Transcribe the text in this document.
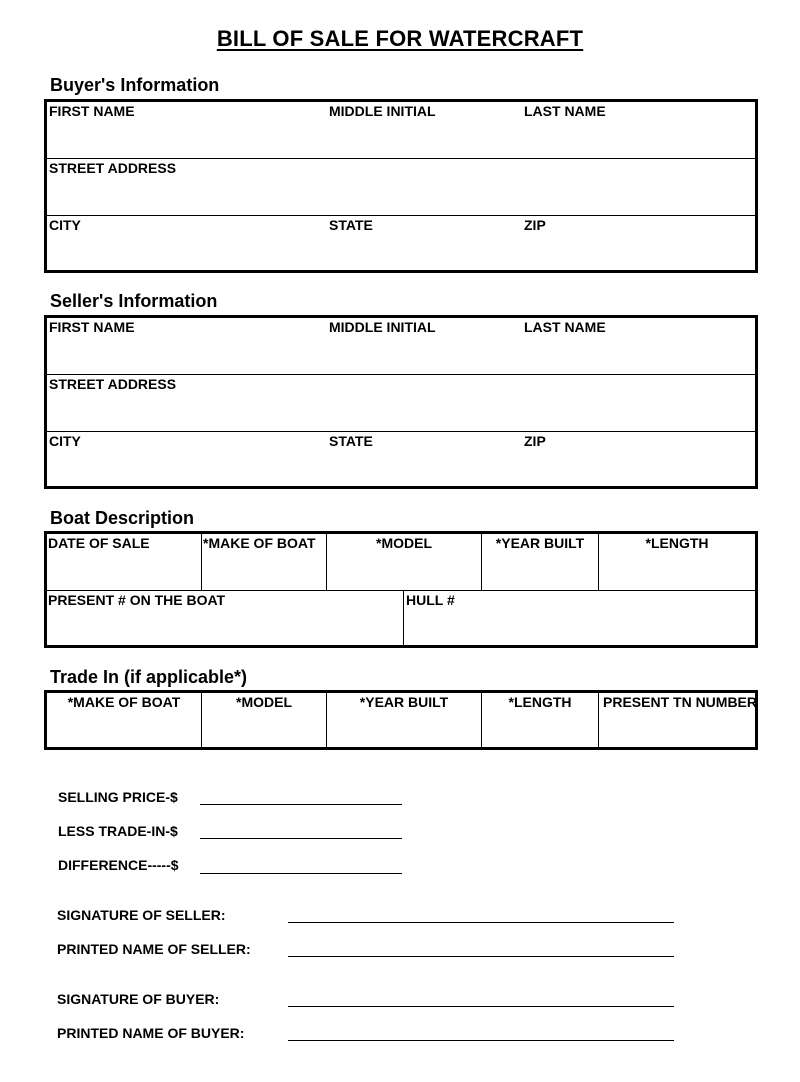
BILL OF SALE FOR WATERCRAFT
Buyer's Information
FIRST NAME	MIDDLE INITIAL	LAST NAME
STREET ADDRESS
CITY	STATE	ZIP
Seller's Information
FIRST NAME	MIDDLE INITIAL	LAST NAME
STREET ADDRESS
CITY	STATE	ZIP
Boat Description
DATE OF SALE	*MAKE OF BOAT	*MODEL	*YEAR BUILT	*LENGTH
PRESENT # ON THE BOAT	HULL #
Trade In (if applicable*)
*MAKE OF BOAT	*MODEL	*YEAR BUILT	*LENGTH	PRESENT TN NUMBER
SELLING PRICE-$
LESS TRADE-IN-$
DIFFERENCE-----$
SIGNATURE OF SELLER:
PRINTED NAME OF SELLER:
SIGNATURE OF BUYER:
PRINTED NAME OF BUYER:
